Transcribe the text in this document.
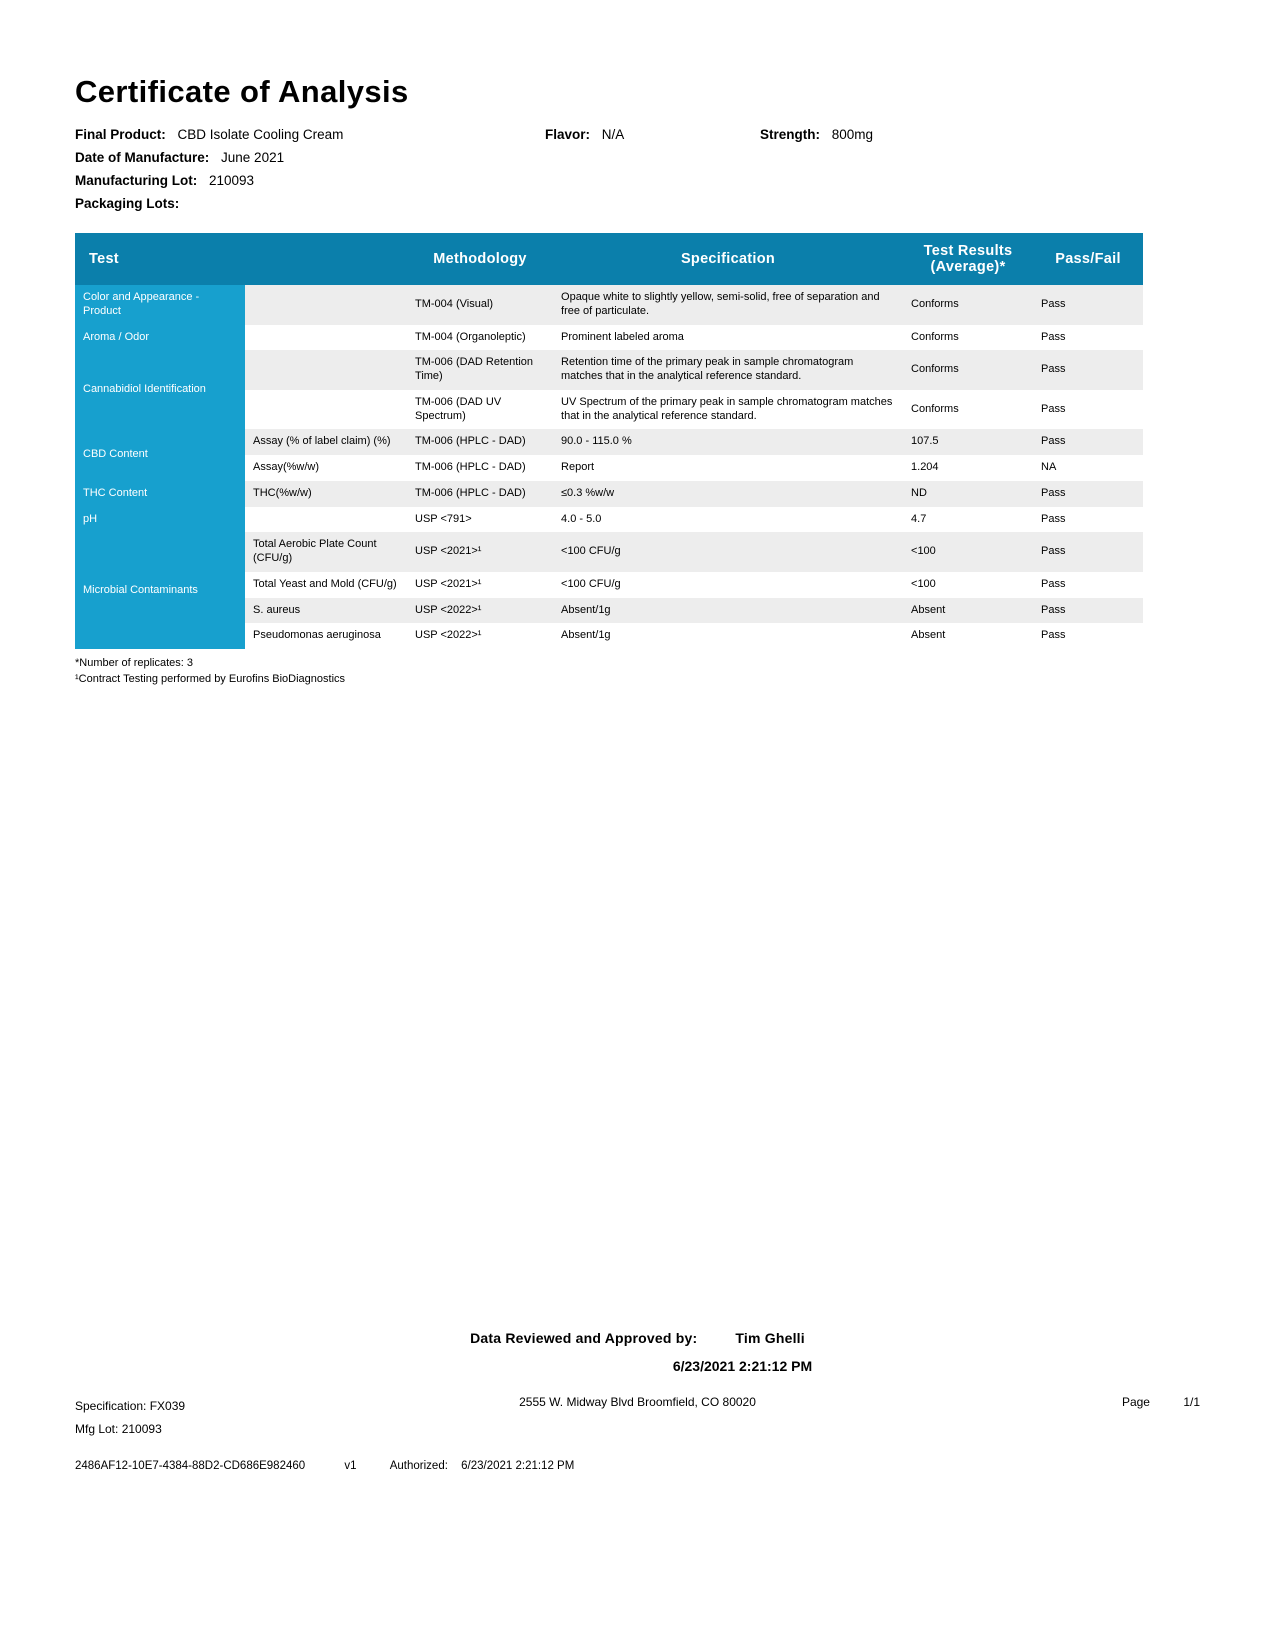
Certificate of Analysis
Final Product: CBD Isolate Cooling Cream	Flavor: N/A	Strength: 800mg
Date of Manufacture: June 2021
Manufacturing Lot: 210093
Packaging Lots:
Test		Methodology	Specification	Test Results (Average)*	Pass/Fail
Color and Appearance - Product		TM-004 (Visual)	Opaque white to slightly yellow, semi-solid, free of separation and free of particulate.	Conforms	Pass
Aroma / Odor		TM-004 (Organoleptic)	Prominent labeled aroma	Conforms	Pass
Cannabidiol Identification		TM-006 (DAD Retention Time)	Retention time of the primary peak in sample chromatogram matches that in the analytical reference standard.	Conforms	Pass
		TM-006 (DAD UV Spectrum)	UV Spectrum of the primary peak in sample chromatogram matches that in the analytical reference standard.	Conforms	Pass
CBD Content	Assay (% of label claim) (%)	TM-006 (HPLC - DAD)	90.0 - 115.0 %	107.5	Pass
	Assay(%w/w)	TM-006 (HPLC - DAD)	Report	1.204	NA
THC Content	THC(%w/w)	TM-006 (HPLC - DAD)	≤0.3 %w/w	ND	Pass
pH		USP <791>	4.0 - 5.0	4.7	Pass
Microbial Contaminants	Total Aerobic Plate Count (CFU/g)	USP <2021>¹	<100 CFU/g	<100	Pass
	Total Yeast and Mold (CFU/g)	USP <2021>¹	<100 CFU/g	<100	Pass
	S. aureus	USP <2022>¹	Absent/1g	Absent	Pass
	Pseudomonas aeruginosa	USP <2022>¹	Absent/1g	Absent	Pass
*Number of replicates: 3
¹Contract Testing performed by Eurofins BioDiagnostics
Data Reviewed and Approved by:	Tim Ghelli
6/23/2021 2:21:12 PM
Specification: FX039
Mfg Lot: 210093
2555 W. Midway Blvd Broomfield, CO 80020	Page	1/1
2486AF12-10E7-4384-88D2-CD686E982460	v1	Authorized: 6/23/2021 2:21:12 PM
